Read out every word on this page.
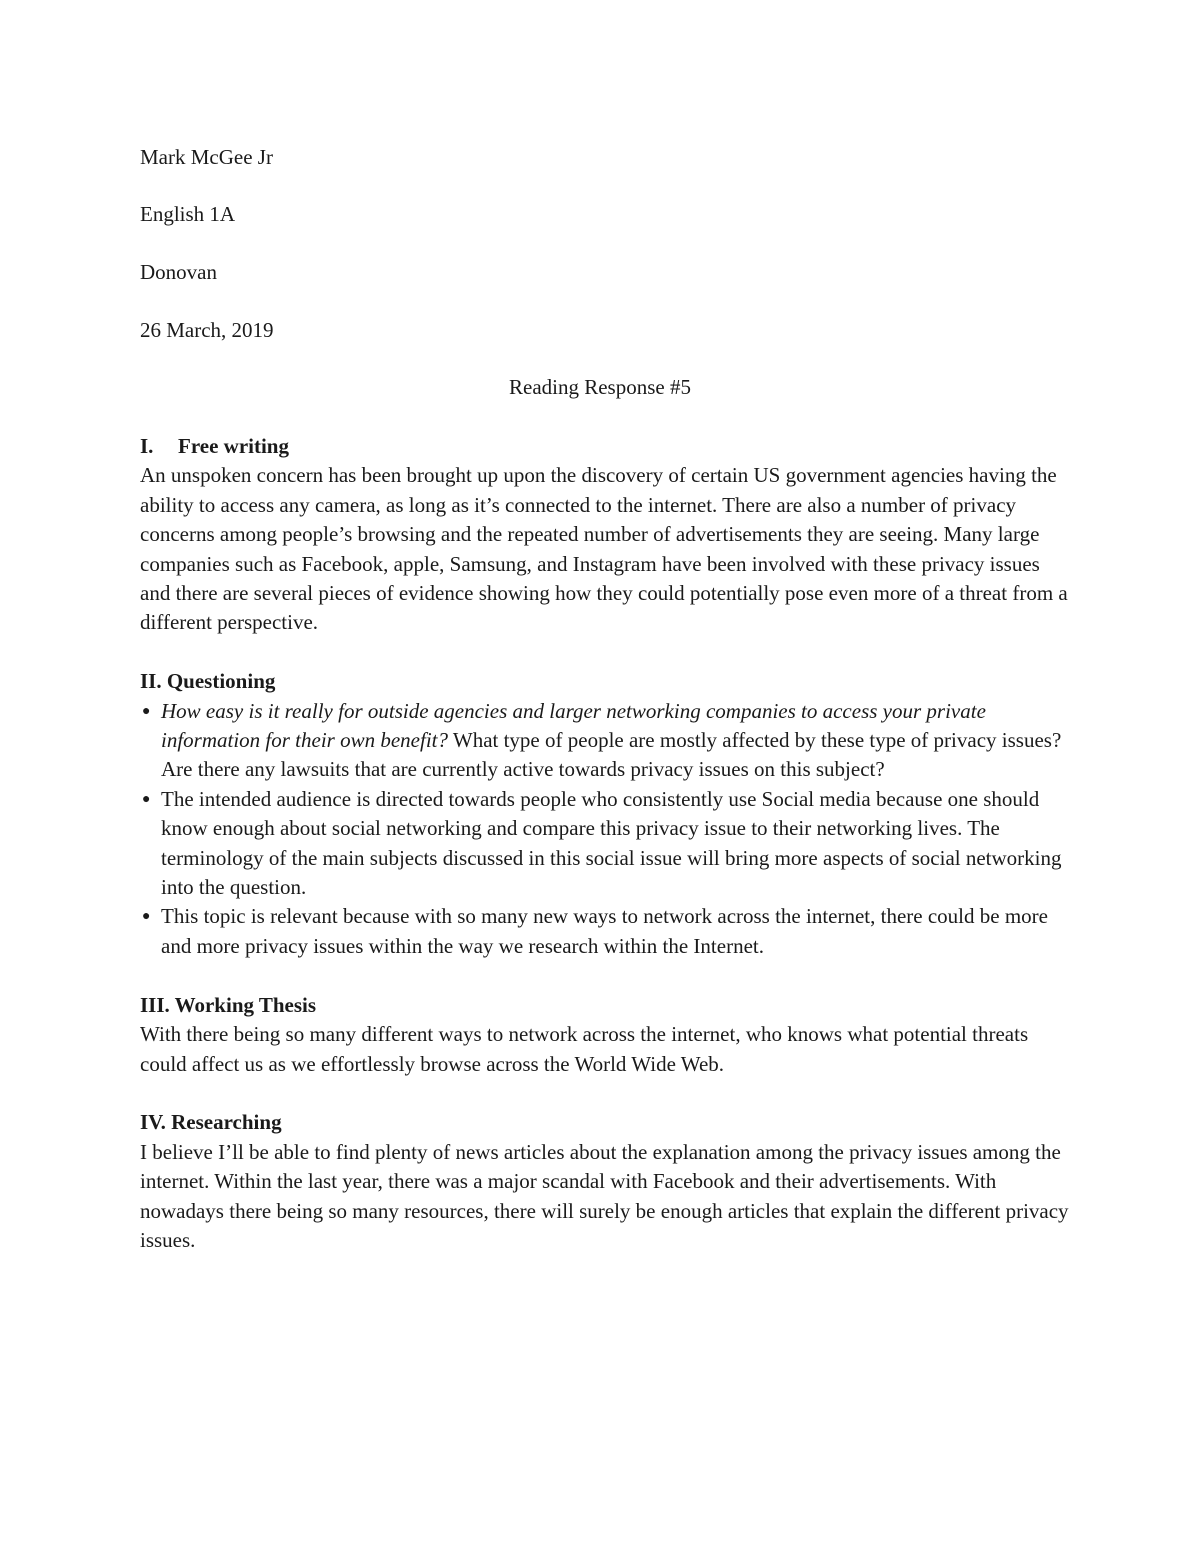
Mark McGee Jr

English 1A

Donovan

26 March, 2019

Reading Response #5

I. Free writing

An unspoken concern has been brought up upon the discovery of certain US government agencies having the ability to access any camera, as long as it’s connected to the internet. There are also a number of privacy concerns among people’s browsing and the repeated number of advertisements they are seeing. Many large companies such as Facebook, apple, Samsung, and Instagram have been involved with these privacy issues and there are several pieces of evidence showing how they could potentially pose even more of a threat from a different perspective.

II. Questioning

● How easy is it really for outside agencies and larger networking companies to access your private information for their own benefit? What type of people are mostly affected by these type of privacy issues? Are there any lawsuits that are currently active towards privacy issues on this subject?
● The intended audience is directed towards people who consistently use Social media because one should know enough about social networking and compare this privacy issue to their networking lives. The terminology of the main subjects discussed in this social issue will bring more aspects of social networking into the question.
● This topic is relevant because with so many new ways to network across the internet, there could be more and more privacy issues within the way we research within the Internet.

III. Working Thesis

With there being so many different ways to network across the internet, who knows what potential threats could affect us as we effortlessly browse across the World Wide Web.

IV. Researching

I believe I’ll be able to find plenty of news articles about the explanation among the privacy issues among the internet. Within the last year, there was a major scandal with Facebook and their advertisements. With nowadays there being so many resources, there will surely be enough articles that explain the different privacy issues.
